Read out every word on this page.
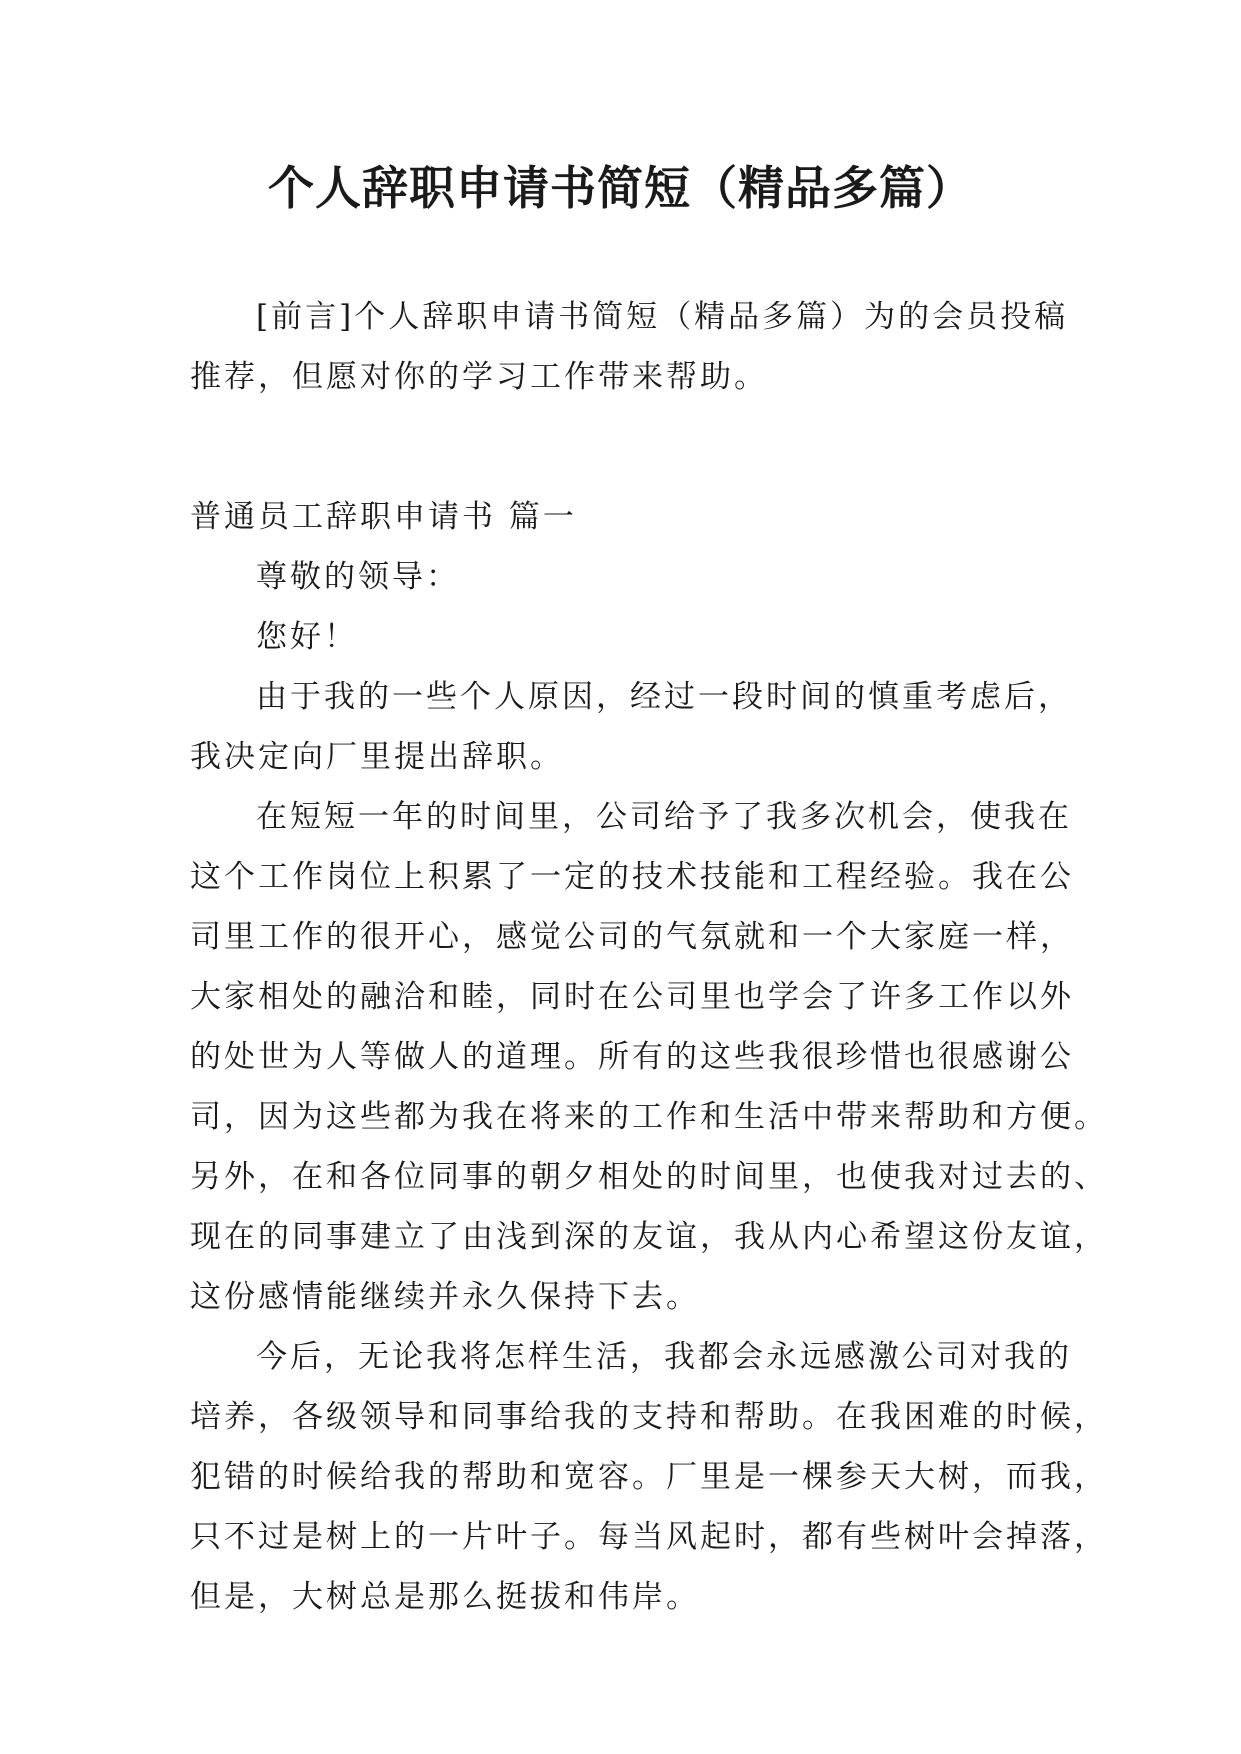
个人辞职申请书简短（精品多篇）
[前言]个人辞职申请书简短（精品多篇）为的会员投稿
推荐，但愿对你的学习工作带来帮助。
普通员工辞职申请书 篇一
尊敬的领导：
您好！
由于我的一些个人原因，经过一段时间的慎重考虑后，
我决定向厂里提出辞职。
在短短一年的时间里，公司给予了我多次机会，使我在
这个工作岗位上积累了一定的技术技能和工程经验。我在公
司里工作的很开心，感觉公司的气氛就和一个大家庭一样，
大家相处的融洽和睦，同时在公司里也学会了许多工作以外
的处世为人等做人的道理。所有的这些我很珍惜也很感谢公
司，因为这些都为我在将来的工作和生活中带来帮助和方便。
另外，在和各位同事的朝夕相处的时间里，也使我对过去的、
现在的同事建立了由浅到深的友谊，我从内心希望这份友谊，
这份感情能继续并永久保持下去。
今后，无论我将怎样生活，我都会永远感激公司对我的
培养，各级领导和同事给我的支持和帮助。在我困难的时候，
犯错的时候给我的帮助和宽容。厂里是一棵参天大树，而我，
只不过是树上的一片叶子。每当风起时，都有些树叶会掉落，
但是，大树总是那么挺拔和伟岸。
